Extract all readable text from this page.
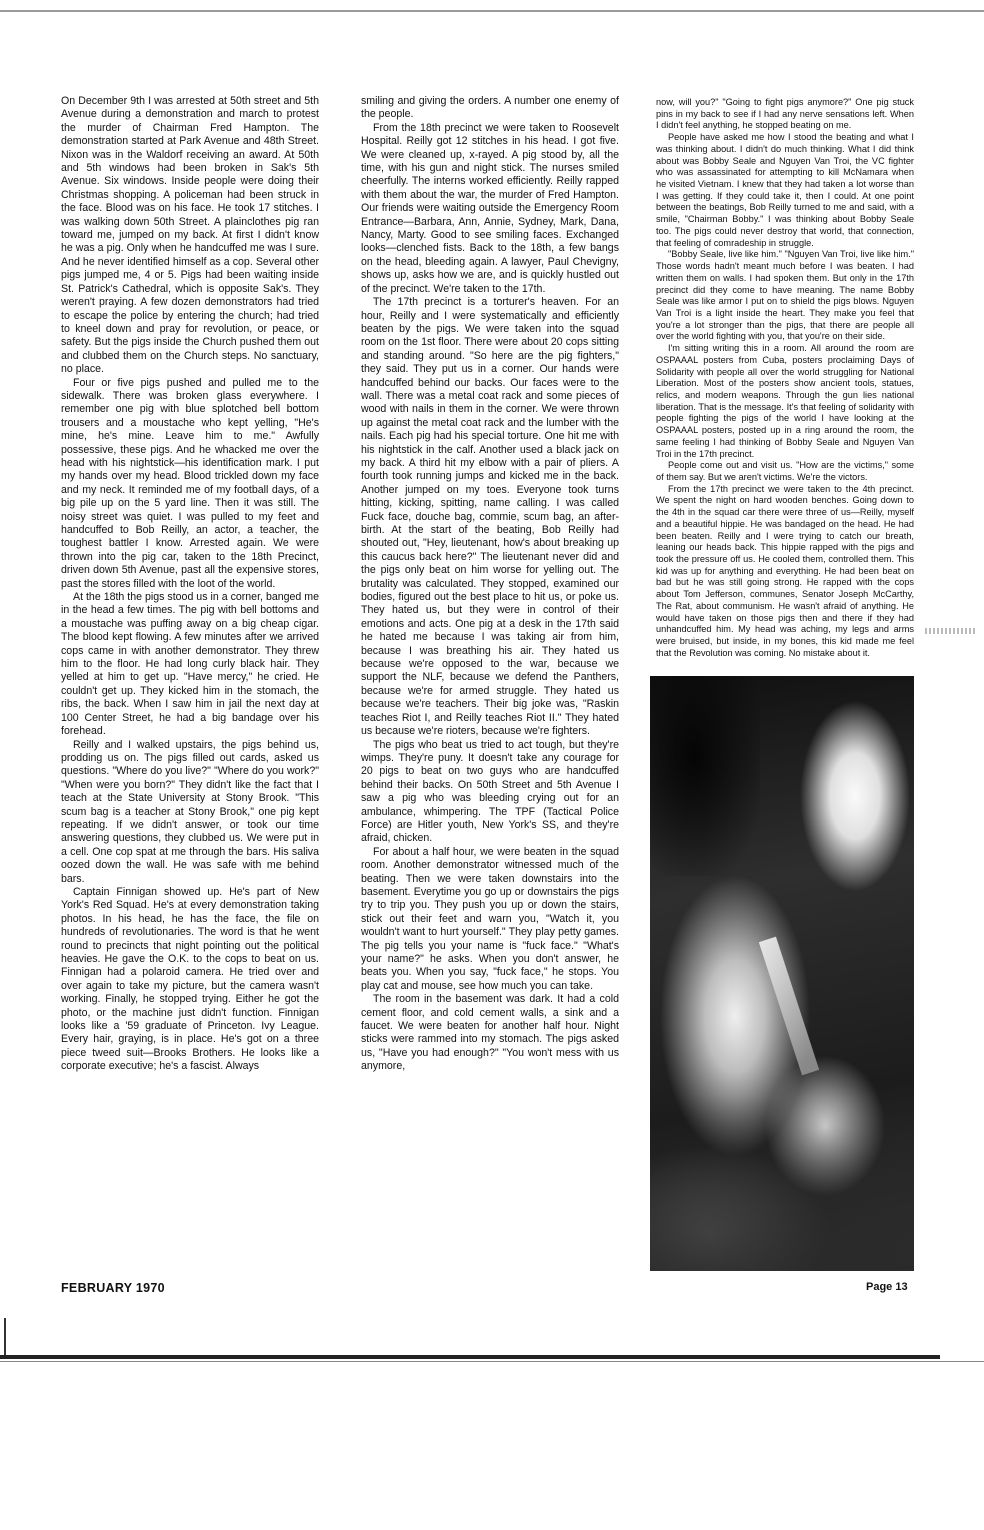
On December 9th I was arrested at 50th street and 5th Avenue during a demonstration and march to protest the murder of Chairman Fred Hampton. The demonstration started at Park Avenue and 48th Street. Nixon was in the Waldorf receiving an award. At 50th and 5th windows had been broken in Sak's 5th Avenue. Six windows. Inside people were doing their Christmas shopping. A policeman had been struck in the face. Blood was on his face. He took 17 stitches. I was walking down 50th Street. A plainclothes pig ran toward me, jumped on my back. At first I didn't know he was a pig. Only when he handcuffed me was I sure. And he never identified himself as a cop. Several other pigs jumped me, 4 or 5. Pigs had been waiting inside St. Patrick's Cathedral, which is opposite Sak's. They weren't praying. A few dozen demonstrators had tried to escape the police by entering the church; had tried to kneel down and pray for revolution, or peace, or safety. But the pigs inside the Church pushed them out and clubbed them on the Church steps. No sanctuary, no place.

Four or five pigs pushed and pulled me to the sidewalk. There was broken glass everywhere. I remember one pig with blue splotched bell bottom trousers and a moustache who kept yelling, "He's mine, he's mine. Leave him to me." Awfully possessive, these pigs. And he whacked me over the head with his nightstick—his identification mark. I put my hands over my head. Blood trickled down my face and my neck. It reminded me of my football days, of a big pile up on the 5 yard line. Then it was still. The noisy street was quiet. I was pulled to my feet and handcuffed to Bob Reilly, an actor, a teacher, the toughest battler I know. Arrested again. We were thrown into the pig car, taken to the 18th Precinct, driven down 5th Avenue, past all the expensive stores, past the stores filled with the loot of the world.

At the 18th the pigs stood us in a corner, banged me in the head a few times. The pig with bell bottoms and a moustache was puffing away on a big cheap cigar. The blood kept flowing. A few minutes after we arrived cops came in with another demonstrator. They threw him to the floor. He had long curly black hair. They yelled at him to get up. "Have mercy," he cried. He couldn't get up. They kicked him in the stomach, the ribs, the back. When I saw him in jail the next day at 100 Center Street, he had a big bandage over his forehead.

Reilly and I walked upstairs, the pigs behind us, prodding us on. The pigs filled out cards, asked us questions. "Where do you live?" "Where do you work?" "When were you born?" They didn't like the fact that I teach at the State University at Stony Brook. "This scum bag is a teacher at Stony Brook," one pig kept repeating. If we didn't answer, or took our time answering questions, they clubbed us. We were put in a cell. One cop spat at me through the bars. His saliva oozed down the wall. He was safe with me behind bars.

Captain Finnigan showed up. He's part of New York's Red Squad. He's at every demonstration taking photos. In his head, he has the face, the file on hundreds of revolutionaries. The word is that he went round to precincts that night pointing out the political heavies. He gave the O.K. to the cops to beat on us. Finnigan had a polaroid camera. He tried over and over again to take my picture, but the camera wasn't working. Finally, he stopped trying. Either he got the photo, or the machine just didn't function. Finnigan looks like a '59 graduate of Princeton. Ivy League. Every hair, graying, is in place. He's got on a three piece tweed suit—Brooks Brothers. He looks like a corporate executive; he's a fascist. Always

smiling and giving the orders. A number one enemy of the people.

From the 18th precinct we were taken to Roosevelt Hospital. Reilly got 12 stitches in his head. I got five. We were cleaned up, x-rayed. A pig stood by, all the time, with his gun and night stick. The nurses smiled cheerfully. The interns worked efficiently. Reilly rapped with them about the war, the murder of Fred Hampton. Our friends were waiting outside the Emergency Room Entrance—Barbara, Ann, Annie, Sydney, Mark, Dana, Nancy, Marty. Good to see smiling faces. Exchanged looks—clenched fists. Back to the 18th, a few bangs on the head, bleeding again. A lawyer, Paul Chevigny, shows up, asks how we are, and is quickly hustled out of the precinct. We're taken to the 17th.

The 17th precinct is a torturer's heaven. For an hour, Reilly and I were systematically and efficiently beaten by the pigs. We were taken into the squad room on the 1st floor. There were about 20 cops sitting and standing around. "So here are the pig fighters," they said. They put us in a corner. Our hands were handcuffed behind our backs. Our faces were to the wall. There was a metal coat rack and some pieces of wood with nails in them in the corner. We were thrown up against the metal coat rack and the lumber with the nails. Each pig had his special torture. One hit me with his nightstick in the calf. Another used a black jack on my back. A third hit my elbow with a pair of pliers. A fourth took running jumps and kicked me in the back. Another jumped on my toes. Everyone took turns hitting, kicking, spitting, name calling. I was called Fuck face, douche bag, commie, scum bag, an after-birth. At the start of the beating, Bob Reilly had shouted out, "Hey, lieutenant, how's about breaking up this caucus back here?" The lieutenant never did and the pigs only beat on him worse for yelling out. The brutality was calculated. They stopped, examined our bodies, figured out the best place to hit us, or poke us. They hated us, but they were in control of their emotions and acts. One pig at a desk in the 17th said he hated me because I was taking air from him, because I was breathing his air. They hated us because we're opposed to the war, because we support the NLF, because we defend the Panthers, because we're for armed struggle. They hated us because we're teachers. Their big joke was, "Raskin teaches Riot I, and Reilly teaches Riot II." They hated us because we're rioters, because we're fighters.

The pigs who beat us tried to act tough, but they're wimps. They're puny. It doesn't take any courage for 20 pigs to beat on two guys who are handcuffed behind their backs. On 50th Street and 5th Avenue I saw a pig who was bleeding crying out for an ambulance, whimpering. The TPF (Tactical Police Force) are Hitler youth, New York's SS, and they're afraid, chicken.

For about a half hour, we were beaten in the squad room. Another demonstrator witnessed much of the beating. Then we were taken downstairs into the basement. Everytime you go up or downstairs the pigs try to trip you. They push you up or down the stairs, stick out their feet and warn you, "Watch it, you wouldn't want to hurt yourself." They play petty games. The pig tells you your name is "fuck face." "What's your name?" he asks. When you don't answer, he beats you. When you say, "fuck face," he stops. You play cat and mouse, see how much you can take.

The room in the basement was dark. It had a cold cement floor, and cold cement walls, a sink and a faucet. We were beaten for another half hour. Night sticks were rammed into my stomach. The pigs asked us, "Have you had enough?" "You won't mess with us anymore,

now, will you?" "Going to fight pigs anymore?" One pig stuck pins in my back to see if I had any nerve sensations left. When I didn't feel anything, he stopped beating on me.

People have asked me how I stood the beating and what I was thinking about. I didn't do much thinking. What I did think about was Bobby Seale and Nguyen Van Troi, the VC fighter who was assassinated for attempting to kill McNamara when he visited Vietnam. I knew that they had taken a lot worse than I was getting. If they could take it, then I could. At one point between the beatings, Bob Reilly turned to me and said, with a smile, "Chairman Bobby." I was thinking about Bobby Seale too. The pigs could never destroy that world, that connection, that feeling of comradeship in struggle.

"Bobby Seale, live like him." "Nguyen Van Troi, live like him." Those words hadn't meant much before I was beaten. I had written them on walls. I had spoken them. But only in the 17th precinct did they come to have meaning. The name Bobby Seale was like armor I put on to shield the pigs blows. Nguyen Van Troi is a light inside the heart. They make you feel that you're a lot stronger than the pigs, that there are people all over the world fighting with you, that you're on their side.

I'm sitting writing this in a room. All around the room are OSPAAAL posters from Cuba, posters proclaiming Days of Solidarity with people all over the world struggling for National Liberation. Most of the posters show ancient tools, statues, relics, and modern weapons. Through the gun lies national liberation. That is the message. It's that feeling of solidarity with people fighting the pigs of the world I have looking at the OSPAAAL posters, posted up in a ring around the room, the same feeling I had thinking of Bobby Seale and Nguyen Van Troi in the 17th precinct.

People come out and visit us. "How are the victims," some of them say. But we aren't victims. We're the victors.

From the 17th precinct we were taken to the 4th precinct. We spent the night on hard wooden benches. Going down to the 4th in the squad car there were three of us—Reilly, myself and a beautiful hippie. He was bandaged on the head. He had been beaten. Reilly and I were trying to catch our breath, leaning our heads back. This hippie rapped with the pigs and took the pressure off us. He cooled them, controlled them. This kid was up for anything and everything. He had been beat on bad but he was still going strong. He rapped with the cops about Tom Jefferson, communes, Senator Joseph McCarthy, The Rat, about communism. He wasn't afraid of anything. He would have taken on those pigs then and there if they had unhandcuffed him. My head was aching, my legs and arms were bruised, but inside, in my bones, this kid made me feel that the Revolution was coming. No mistake about it.

FEBRUARY 1970	Page 13
